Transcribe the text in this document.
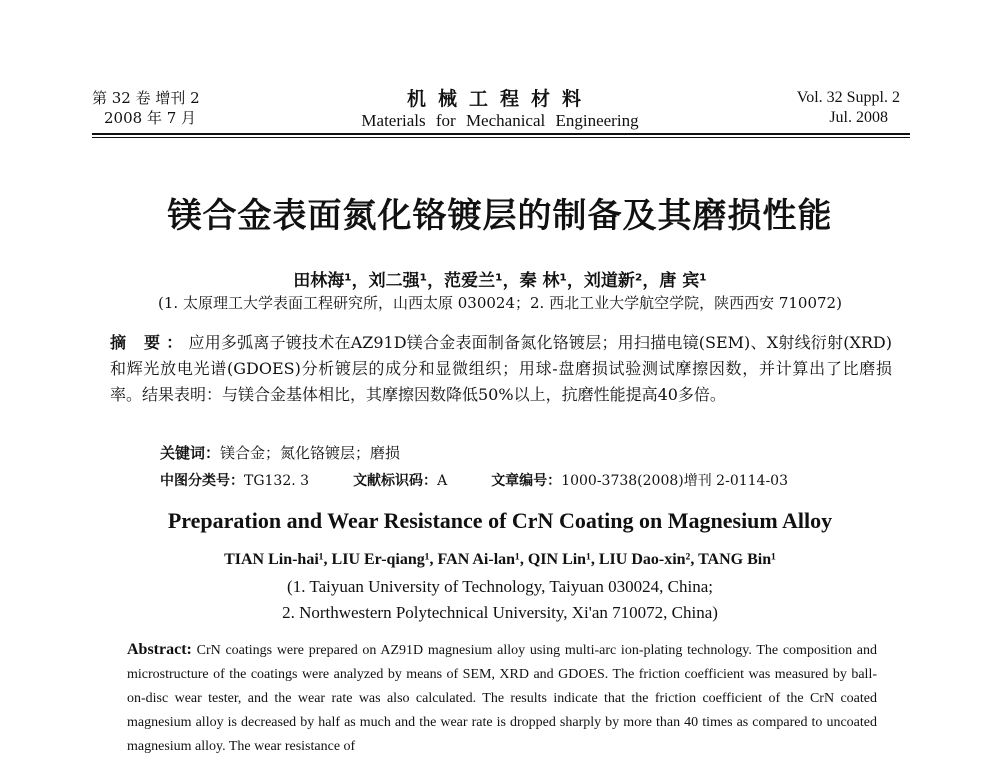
第 32 卷 增刊 2
2008 年 7 月
机械工程材料
Materials for Mechanical Engineering
Vol. 32 Suppl. 2
Jul. 2008
镁合金表面氮化铬镀层的制备及其磨损性能
田林海¹，刘二强¹，范爱兰¹，秦 林¹，刘道新²，唐 宾¹
(1. 太原理工大学表面工程研究所，山西太原 030024；2. 西北工业大学航空学院，陕西西安 710072)
摘 要：应用多弧离子镀技术在AZ91D镁合金表面制备氮化铬镀层；用扫描电镜(SEM)、X射线衍射(XRD)和辉光放电光谱(GDOES)分析镀层的成分和显微组织；用球-盘磨损试验测试摩擦因数，并计算出了比磨损率。结果表明：与镁合金基体相比，其摩擦因数降低50%以上，抗磨性能提高40多倍。
关键词：镁合金；氮化铬镀层；磨损
中图分类号：TG132. 3	文献标识码：A	文章编号：1000-3738(2008)增刊 2-0114-03
Preparation and Wear Resistance of CrN Coating on Magnesium Alloy
TIAN Lin-hai¹, LIU Er-qiang¹, FAN Ai-lan¹, QIN Lin¹, LIU Dao-xin², TANG Bin¹
(1. Taiyuan University of Technology, Taiyuan 030024, China;
2. Northwestern Polytechnical University, Xi'an 710072, China)
Abstract: CrN coatings were prepared on AZ91D magnesium alloy using multi-arc ion-plating technology. The composition and microstructure of the coatings were analyzed by means of SEM, XRD and GDOES. The friction coefficient was measured by ball-on-disc wear tester, and the wear rate was also calculated. The results indicate that the friction coefficient of the CrN coated magnesium alloy is decreased by half as much and the wear rate is dropped sharply by more than 40 times as compared to uncoated magnesium alloy. The wear resistance of
